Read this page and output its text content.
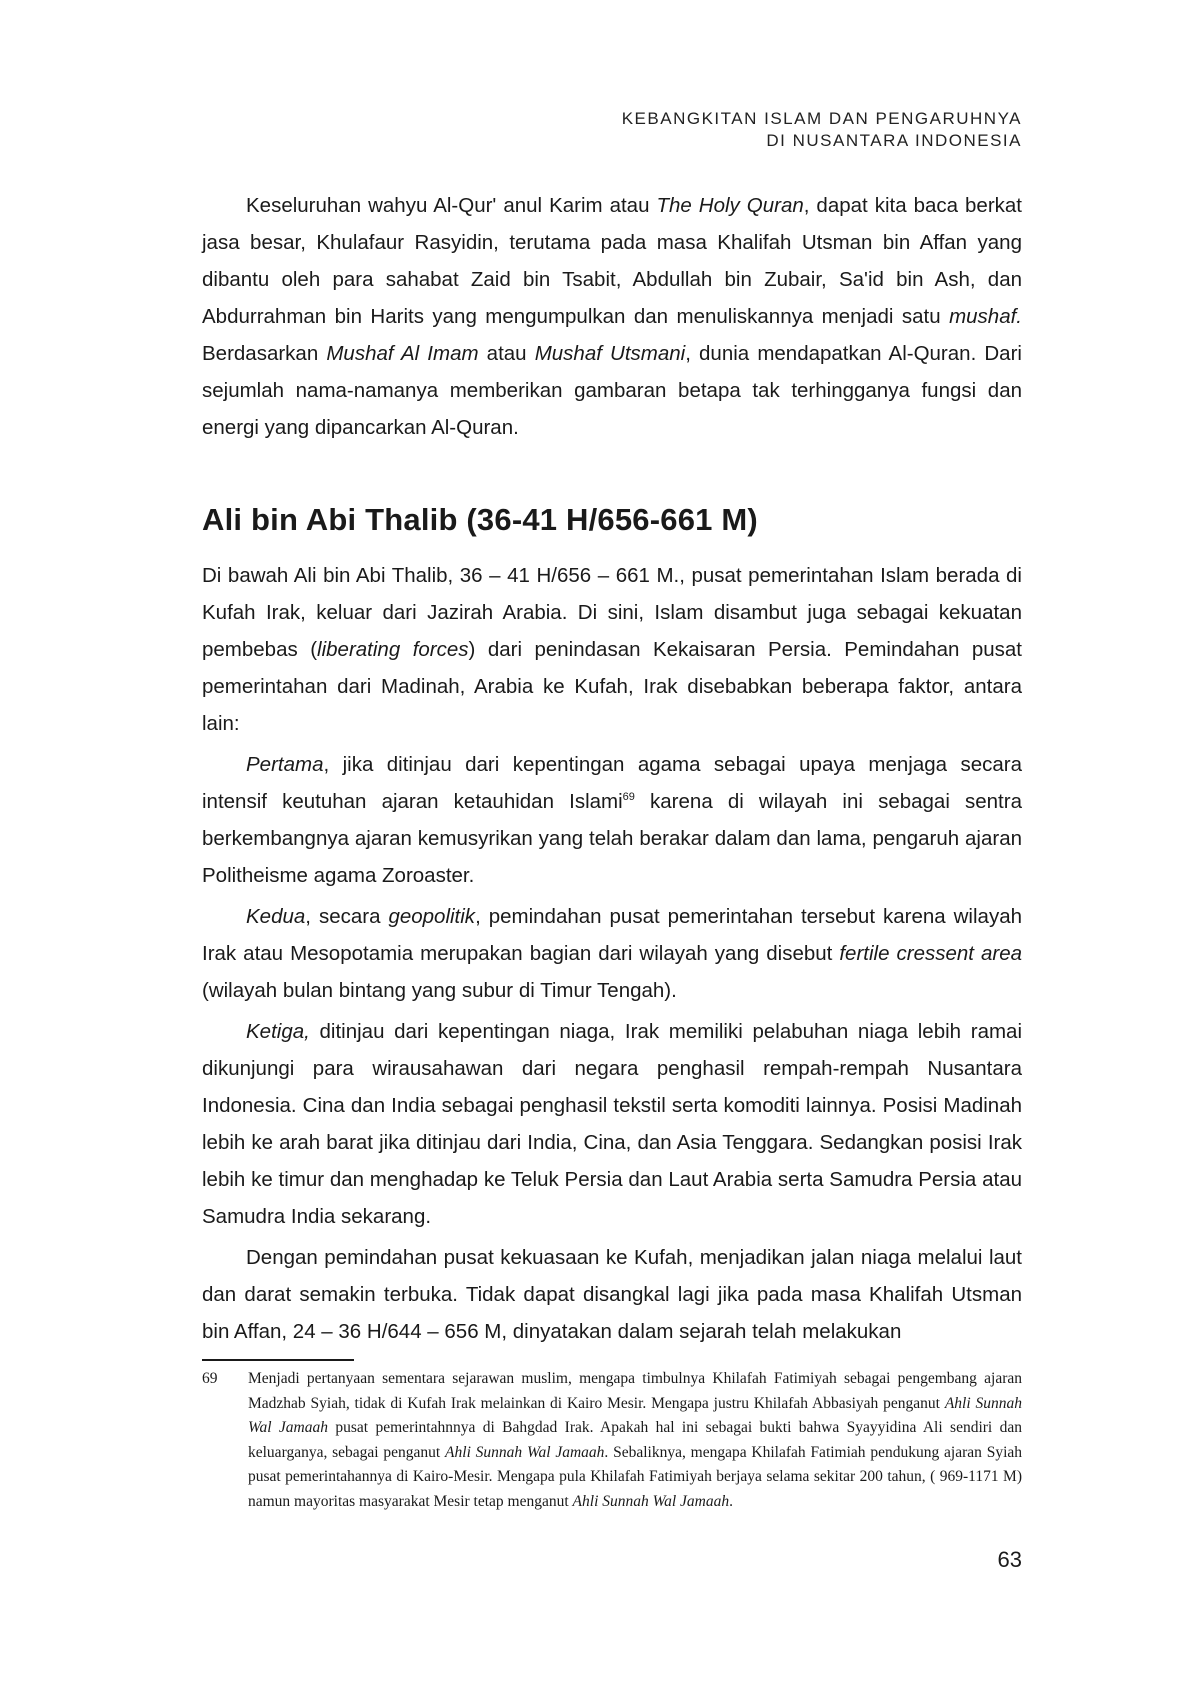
KEBANGKITAN ISLAM DAN PENGARUHNYA
DI NUSANTARA INDONESIA

Keseluruhan wahyu Al-Qur' anul Karim atau The Holy Quran, dapat kita baca berkat jasa besar, Khulafaur Rasyidin, terutama pada masa Khalifah Utsman bin Affan yang dibantu oleh para sahabat Zaid bin Tsabit, Abdullah bin Zubair, Sa'id bin Ash, dan Abdurrahman bin Harits yang mengumpulkan dan menuliskannya menjadi satu mushaf. Berdasarkan Mushaf Al Imam atau Mushaf Utsmani, dunia mendapatkan Al-Quran. Dari sejumlah nama-namanya memberikan gambaran betapa tak terhingganya fungsi dan energi yang dipancarkan Al-Quran.

Ali bin Abi Thalib (36-41 H/656-661 M)

Di bawah Ali bin Abi Thalib, 36 – 41 H/656 – 661 M., pusat pemerintahan Islam berada di Kufah Irak, keluar dari Jazirah Arabia. Di sini, Islam disambut juga sebagai kekuatan pembebas (liberating forces) dari penindasan Kekaisaran Persia. Pemindahan pusat pemerintahan dari Madinah, Arabia ke Kufah, Irak disebabkan beberapa faktor, antara lain:

Pertama, jika ditinjau dari kepentingan agama sebagai upaya menjaga secara intensif keutuhan ajaran ketauhidan Islami$^{69}$ karena di wilayah ini sebagai sentra berkembangnya ajaran kemusyrikan yang telah berakar dalam dan lama, pengaruh ajaran Politheisme agama Zoroaster.

Kedua, secara geopolitik, pemindahan pusat pemerintahan tersebut karena wilayah Irak atau Mesopotamia merupakan bagian dari wilayah yang disebut fertile cressent area (wilayah bulan bintang yang subur di Timur Tengah).

Ketiga, ditinjau dari kepentingan niaga, Irak memiliki pelabuhan niaga lebih ramai dikunjungi para wirausahawan dari negara penghasil rempah-rempah Nusantara Indonesia. Cina dan India sebagai penghasil tekstil serta komoditi lainnya. Posisi Madinah lebih ke arah barat jika ditinjau dari India, Cina, dan Asia Tenggara. Sedangkan posisi Irak lebih ke timur dan menghadap ke Teluk Persia dan Laut Arabia serta Samudra Persia atau Samudra India sekarang.

Dengan pemindahan pusat kekuasaan ke Kufah, menjadikan jalan niaga melalui laut dan darat semakin terbuka. Tidak dapat disangkal lagi jika pada masa Khalifah Utsman bin Affan, 24 – 36 H/644 – 656 M, dinyatakan dalam sejarah telah melakukan

69	Menjadi pertanyaan sementara sejarawan muslim, mengapa timbulnya Khilafah Fatimiyah sebagai pengembang ajaran Madzhab Syiah, tidak di Kufah Irak melainkan di Kairo Mesir. Mengapa justru Khilafah Abbasiyah penganut Ahli Sunnah Wal Jamaah pusat pemerintahnnya di Bahgdad Irak. Apakah hal ini sebagai bukti bahwa Syayyidina Ali sendiri dan keluarganya, sebagai penganut Ahli Sunnah Wal Jamaah. Sebaliknya, mengapa Khilafah Fatimiah pendukung ajaran Syiah pusat pemerintahannya di Kairo-Mesir. Mengapa pula Khilafah Fatimiyah berjaya selama sekitar 200 tahun, ( 969-1171 M) namun mayoritas masyarakat Mesir tetap menganut Ahli Sunnah Wal Jamaah.
63
